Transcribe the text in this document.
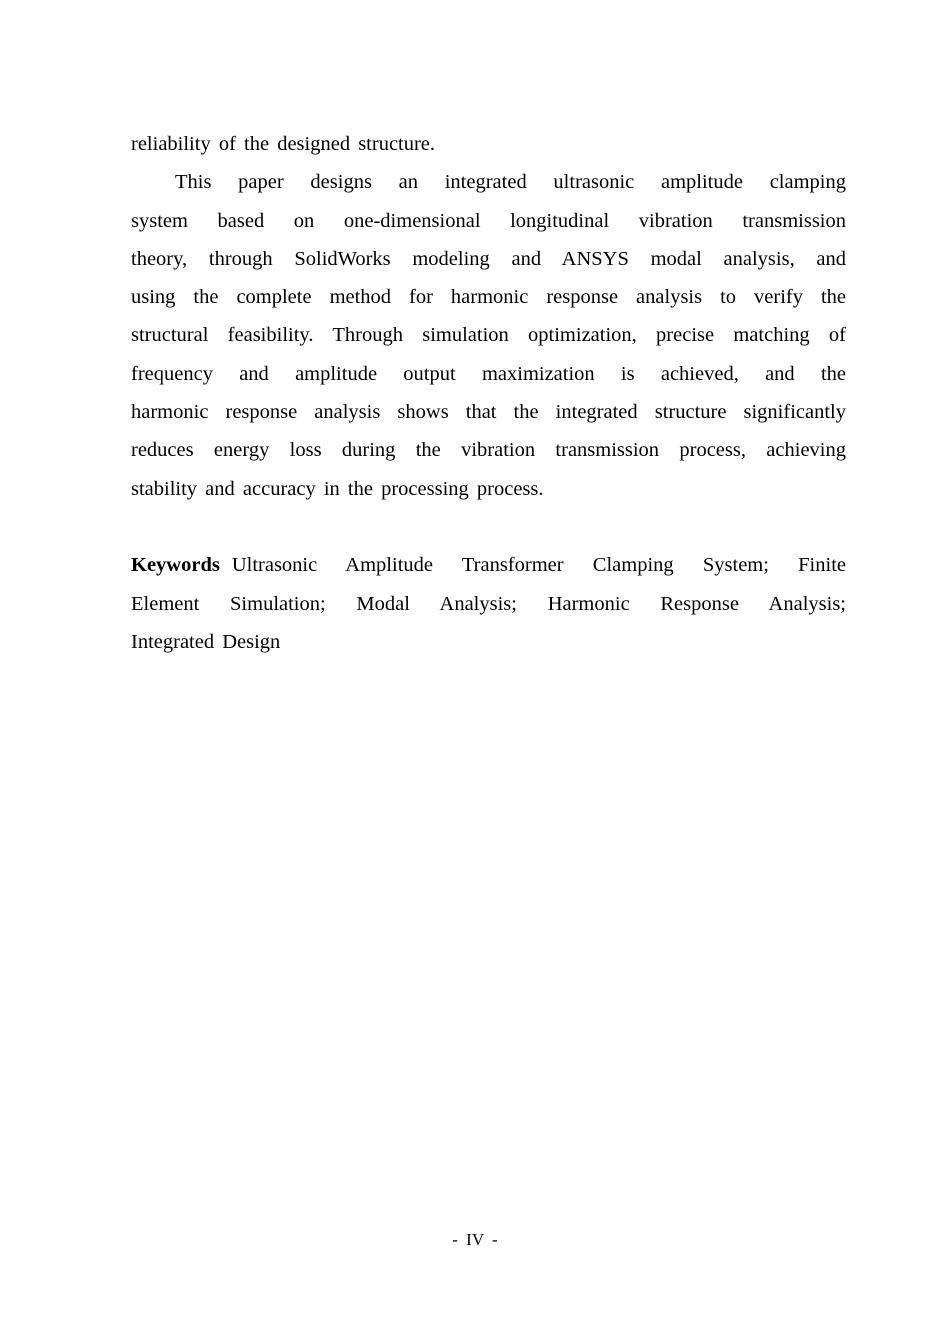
reliability of the designed structure.
This paper designs an integrated ultrasonic amplitude clamping
system based on one-dimensional longitudinal vibration transmission
theory, through SolidWorks modeling and ANSYS modal analysis, and
using the complete method for harmonic response analysis to verify the
structural feasibility. Through simulation optimization, precise matching of
frequency and amplitude output maximization is achieved, and the
harmonic response analysis shows that the integrated structure significantly
reduces energy loss during the vibration transmission process, achieving
stability and accuracy in the processing process.
Keywords Ultrasonic Amplitude Transformer Clamping System; Finite
Element Simulation; Modal Analysis; Harmonic Response Analysis;
Integrated Design
- IV -
